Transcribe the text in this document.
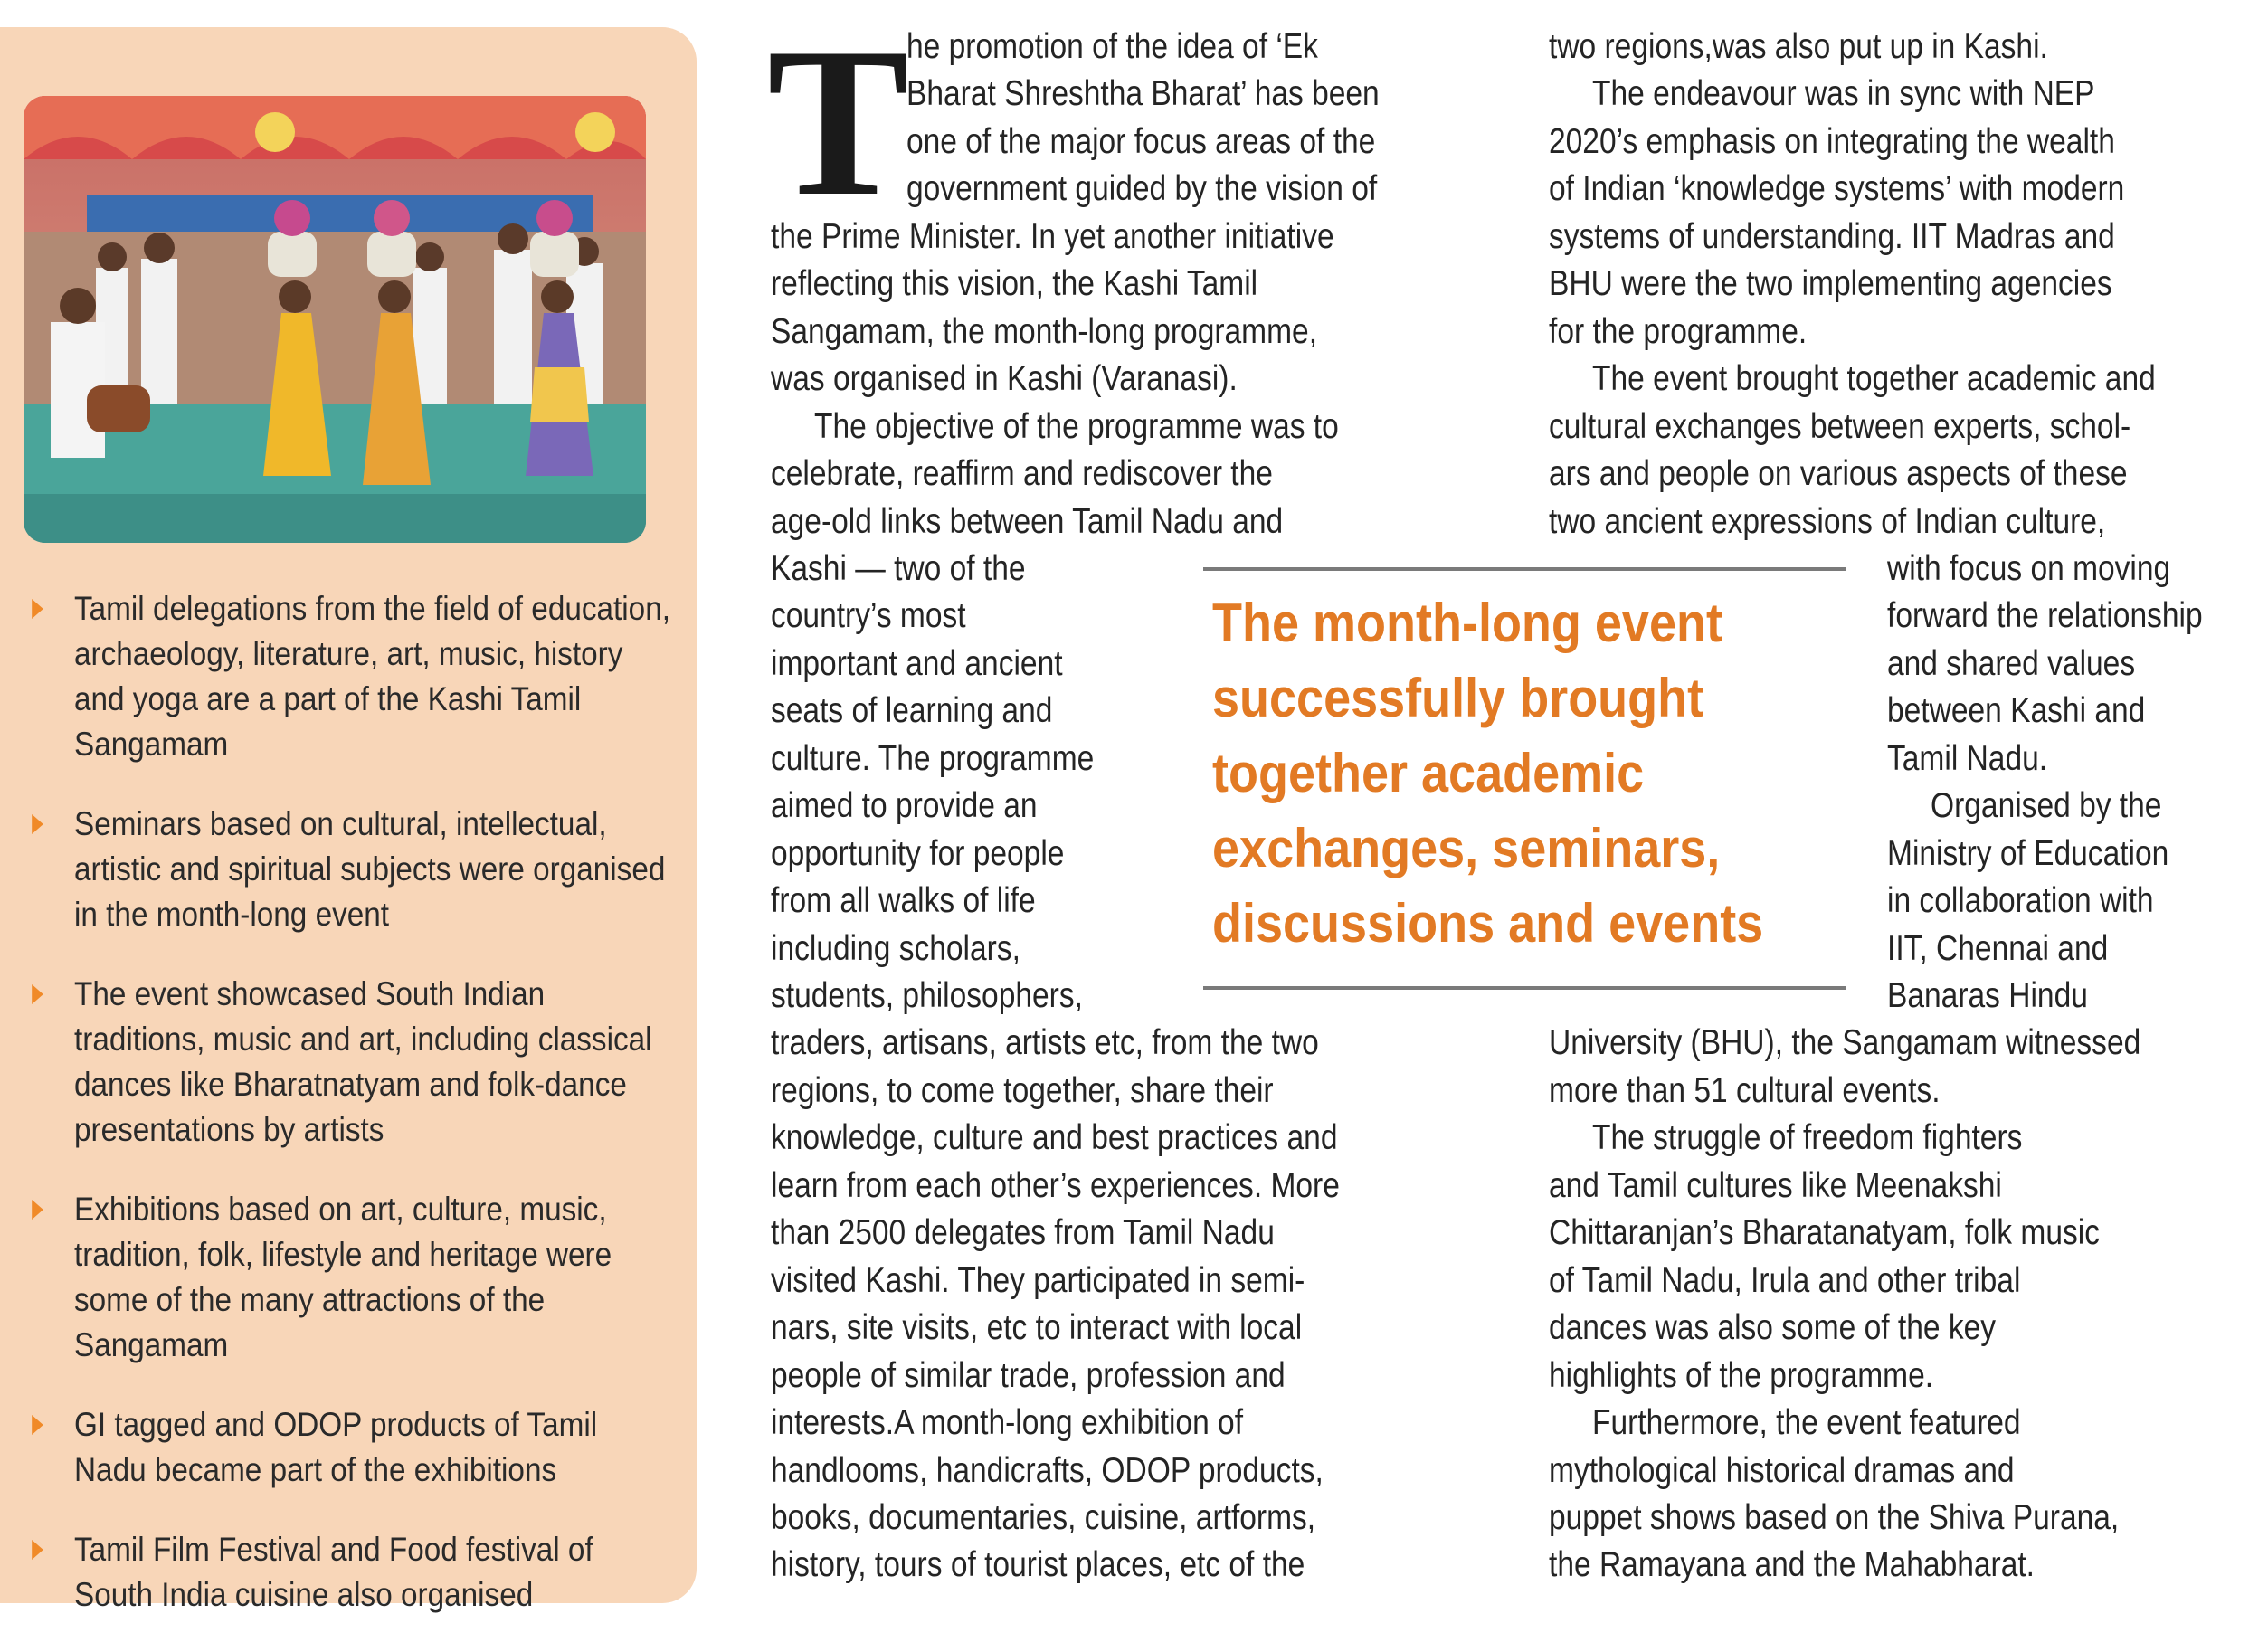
Tamil delegations from the field of education, archaeology, literature, art, music, history and yoga are a part of the Kashi Tamil Sangamam
Seminars based on cultural, intellectual, artistic and spiritual subjects were organised in the month-long event
The event showcased South Indian traditions, music and art, including classical dances like Bharatnatyam and folk-dance presentations by artists
Exhibitions based on art, culture, music, tradition, folk, lifestyle and heritage were some of the many attractions of the Sangamam
GI tagged and ODOP products of Tamil Nadu became part of the exhibitions
Tamil Film Festival and Food festival of South India cuisine also organised
T
he promotion of the idea of ‘Ek
Bharat Shreshtha Bharat’ has been
one of the major focus areas of the
government guided by the vision of
the Prime Minister. In yet another initiative
reflecting this vision, the Kashi Tamil
Sangamam, the month-long programme,
was organised in Kashi (Varanasi).
The objective of the programme was to
celebrate, reaffirm and rediscover the
age-old links between Tamil Nadu and
Kashi — two of the
country’s most
important and ancient
seats of learning and
culture. The programme
aimed to provide an
opportunity for people
from all walks of life
including scholars,
students, philosophers,
traders, artisans, artists etc, from the two
regions, to come together, share their
knowledge, culture and best practices and
learn from each other’s experiences. More
than 2500 delegates from Tamil Nadu
visited Kashi. They participated in semi-
nars, site visits, etc to interact with local
people of similar trade, profession and
interests.A month-long exhibition of
handlooms, handicrafts, ODOP products,
books, documentaries, cuisine, artforms,
history, tours of tourist places, etc of the
two regions,was also put up in Kashi.
The endeavour was in sync with NEP
2020’s emphasis on integrating the wealth
of Indian ‘knowledge systems’ with modern
systems of understanding. IIT Madras and
BHU were the two implementing agencies
for the programme.
The event brought together academic and
cultural exchanges between experts, schol-
ars and people on various aspects of these
two ancient expressions of Indian culture,
with focus on moving
forward the relationship
and shared values
between Kashi and
Tamil Nadu.
Organised by the
Ministry of Education
in collaboration with
IIT, Chennai and
Banaras Hindu
University (BHU), the Sangamam witnessed
more than 51 cultural events.
The struggle of freedom fighters
and Tamil cultures like Meenakshi
Chittaranjan’s Bharatanatyam, folk music
of Tamil Nadu, Irula and other tribal
dances was also some of the key
highlights of the programme.
Furthermore, the event featured
mythological historical dramas and
puppet shows based on the Shiva Purana,
the Ramayana and the Mahabharat.
The month-long event
successfully brought
together academic
exchanges, seminars,
discussions and events
